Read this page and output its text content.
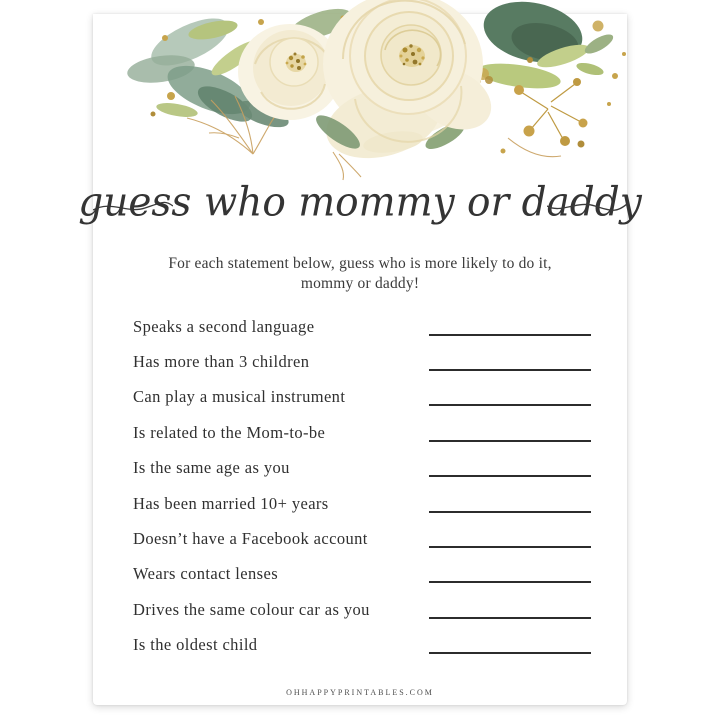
guess who mommy or daddy
For each statement below, guess who is more likely to do it,
mommy or daddy!
Speaks a second language
Has more than 3 children
Can play a musical instrument
Is related to the Mom-to-be
Is the same age as you
Has been married 10+ years
Doesn’t have a Facebook account
Wears contact lenses
Drives the same colour car as you
Is the oldest child
OHHAPPYPRINTABLES.COM
